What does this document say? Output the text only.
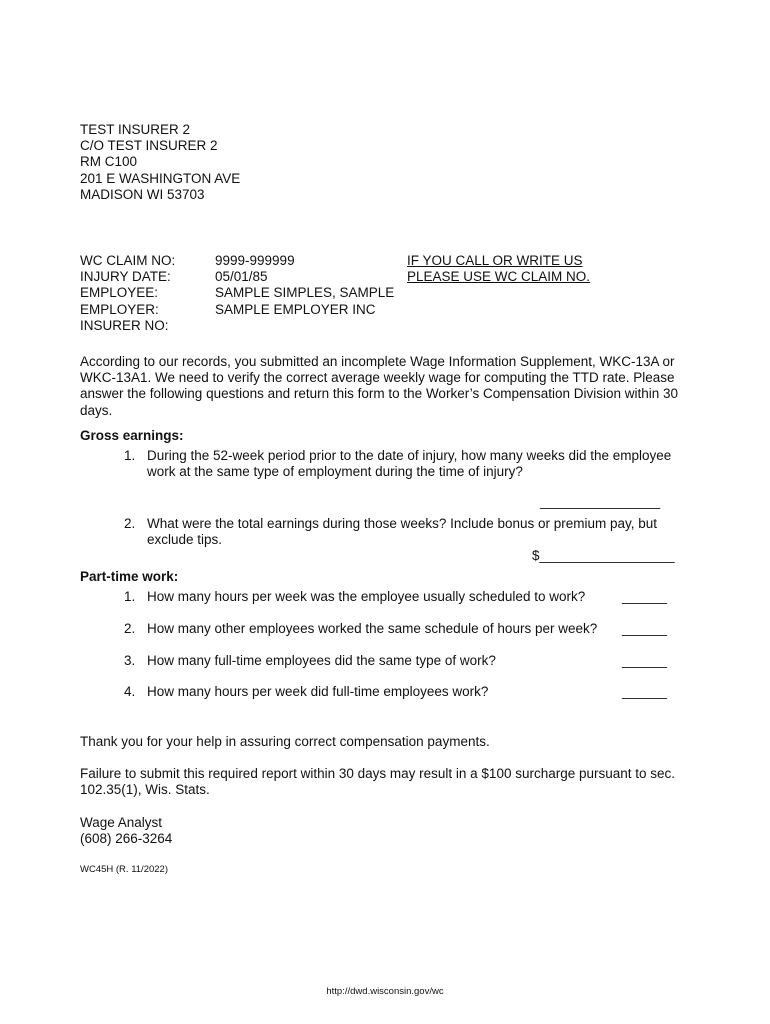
TEST INSURER 2
C/O TEST INSURER 2
RM C100
201 E WASHINGTON AVE
MADISON WI 53703
WC CLAIM NO:	9999-999999
INJURY DATE:	05/01/85
EMPLOYEE:	SAMPLE SIMPLES, SAMPLE
EMPLOYER:	SAMPLE EMPLOYER INC
INSURER NO:
IF YOU CALL OR WRITE US
PLEASE USE WC CLAIM NO.
According to our records, you submitted an incomplete Wage Information Supplement, WKC-13A or WKC-13A1. We need to verify the correct average weekly wage for computing the TTD rate. Please answer the following questions and return this form to the Worker’s Compensation Division within 30 days.
Gross earnings:
1. During the 52-week period prior to the date of injury, how many weeks did the employee work at the same type of employment during the time of injury?
________________
2. What were the total earnings during those weeks? Include bonus or premium pay, but exclude tips.
$__________________
Part-time work:
1. How many hours per week was the employee usually scheduled to work?	______
2. How many other employees worked the same schedule of hours per week?	______
3. How many full-time employees did the same type of work?	______
4. How many hours per week did full-time employees work?	______
Thank you for your help in assuring correct compensation payments.
Failure to submit this required report within 30 days may result in a $100 surcharge pursuant to sec. 102.35(1), Wis. Stats.
Wage Analyst
(608) 266-3264
WC45H (R. 11/2022)
http://dwd.wisconsin.gov/wc
